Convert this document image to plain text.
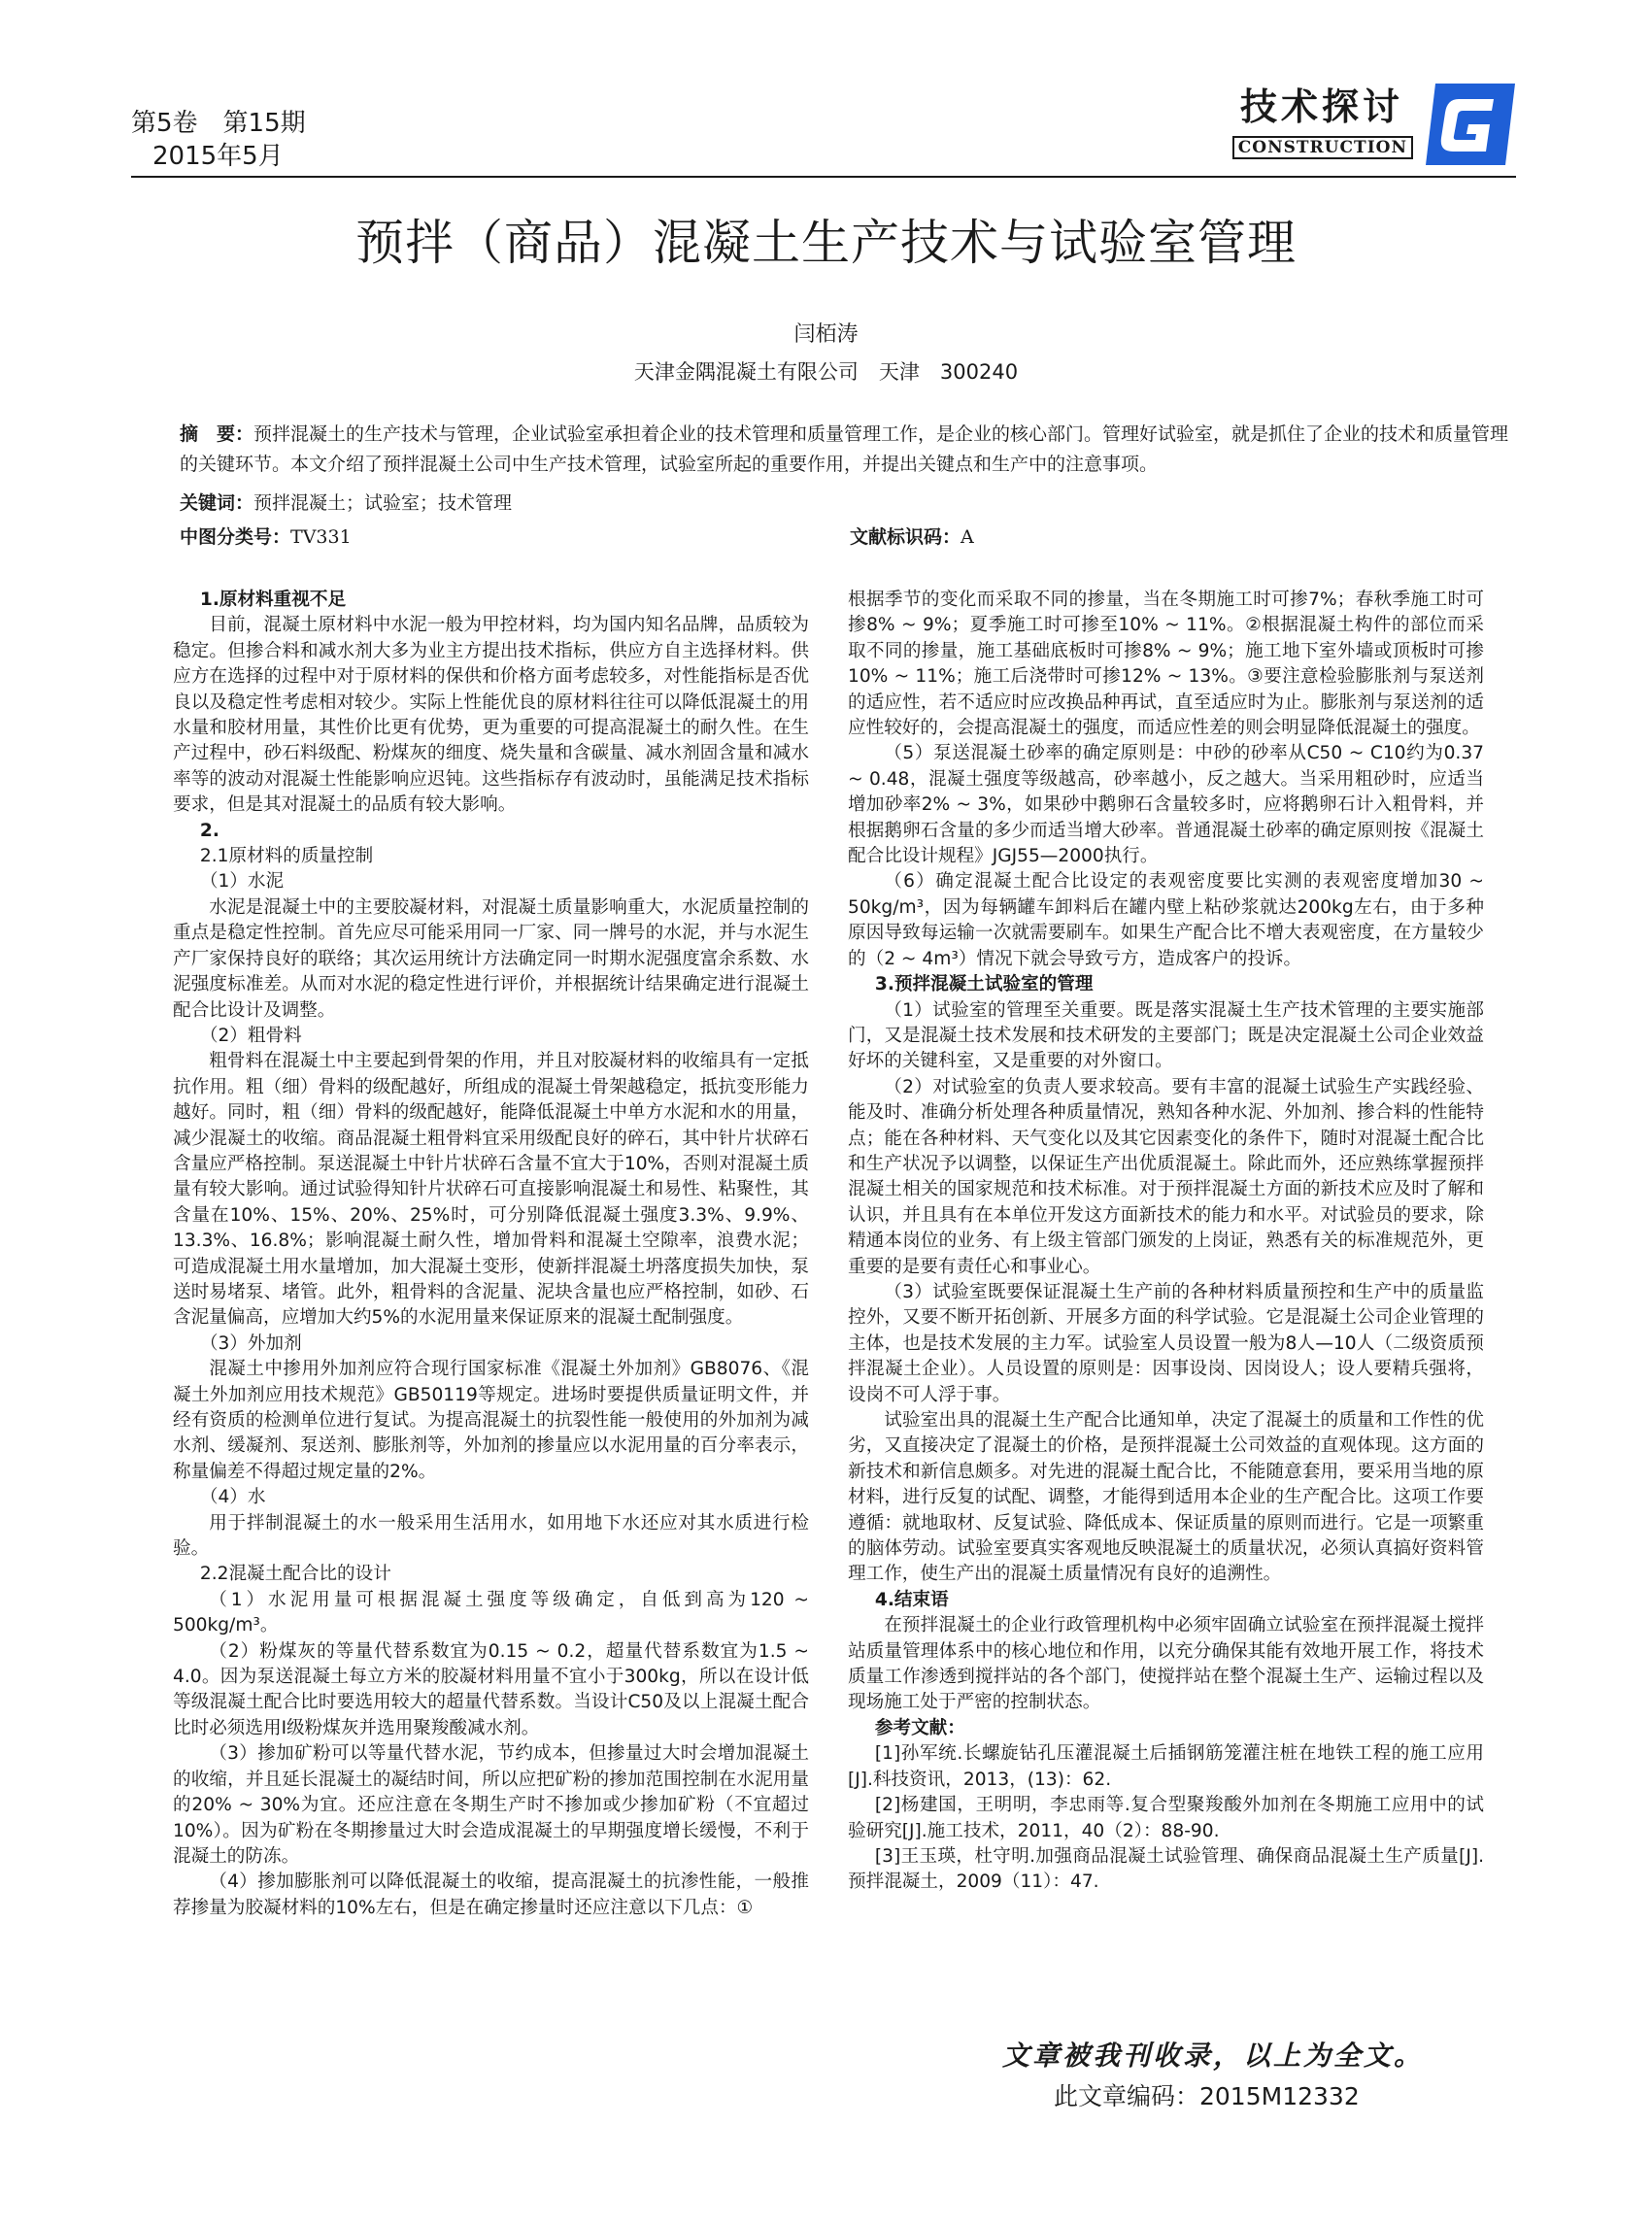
第5卷　第15期
2015年5月
技术探讨
CONSTRUCTION
预拌（商品）混凝土生产技术与试验室管理
闫栢涛
天津金隅混凝土有限公司　天津　300240
摘　要：预拌混凝土的生产技术与管理，企业试验室承担着企业的技术管理和质量管理工作，是企业的核心部门。管理好试验室，就是抓住了企业的技术和质量管理的关键环节。本文介绍了预拌混凝土公司中生产技术管理，试验室所起的重要作用，并提出关键点和生产中的注意事项。
关键词：预拌混凝土；试验室；技术管理
中图分类号：TV331	文献标识码：A

1.原材料重视不足

目前，混凝土原材料中水泥一般为甲控材料，均为国内知名品牌，品质较为稳定。但掺合料和减水剂大多为业主方提出技术指标，供应方自主选择材料。供应方在选择的过程中对于原材料的保供和价格方面考虑较多，对性能指标是否优良以及稳定性考虑相对较少。实际上性能优良的原材料往往可以降低混凝土的用水量和胶材用量，其性价比更有优势，更为重要的可提高混凝土的耐久性。在生产过程中，砂石料级配、粉煤灰的细度、烧失量和含碳量、减水剂固含量和减水率等的波动对混凝土性能影响应迟钝。这些指标存有波动时，虽能满足技术指标要求，但是其对混凝土的品质有较大影响。

2.

2.1原材料的质量控制

（1）水泥

水泥是混凝土中的主要胶凝材料，对混凝土质量影响重大，水泥质量控制的重点是稳定性控制。首先应尽可能采用同一厂家、同一牌号的水泥，并与水泥生产厂家保持良好的联络；其次运用统计方法确定同一时期水泥强度富余系数、水泥强度标准差。从而对水泥的稳定性进行评价，并根据统计结果确定进行混凝土配合比设计及调整。

（2）粗骨料

粗骨料在混凝土中主要起到骨架的作用，并且对胶凝材料的收缩具有一定抵抗作用。粗（细）骨料的级配越好，所组成的混凝土骨架越稳定，抵抗变形能力越好。同时，粗（细）骨料的级配越好，能降低混凝土中单方水泥和水的用量，减少混凝土的收缩。商品混凝土粗骨料宜采用级配良好的碎石，其中针片状碎石含量应严格控制。泵送混凝土中针片状碎石含量不宜大于10%，否则对混凝土质量有较大影响。通过试验得知针片状碎石可直接影响混凝土和易性、粘聚性，其含量在10%、15%、20%、25%时，可分别降低混凝土强度3.3%、9.9%、13.3%、16.8%；影响混凝土耐久性，增加骨料和混凝土空隙率，浪费水泥；可造成混凝土用水量增加，加大混凝土变形，使新拌混凝土坍落度损失加快，泵送时易堵泵、堵管。此外，粗骨料的含泥量、泥块含量也应严格控制，如砂、石含泥量偏高，应增加大约5%的水泥用量来保证原来的混凝土配制强度。

（3）外加剂

混凝土中掺用外加剂应符合现行国家标准《混凝土外加剂》GB8076、《混凝土外加剂应用技术规范》GB50119等规定。进场时要提供质量证明文件，并经有资质的检测单位进行复试。为提高混凝土的抗裂性能一般使用的外加剂为减水剂、缓凝剂、泵送剂、膨胀剂等，外加剂的掺量应以水泥用量的百分率表示，称量偏差不得超过规定量的2%。

（4）水

用于拌制混凝土的水一般采用生活用水，如用地下水还应对其水质进行检验。

2.2混凝土配合比的设计

（1）水泥用量可根据混凝土强度等级确定，自低到高为120 ~ 500kg/m³。

（2）粉煤灰的等量代替系数宜为0.15 ~ 0.2，超量代替系数宜为1.5 ~ 4.0。因为泵送混凝土每立方米的胶凝材料用量不宜小于300kg，所以在设计低等级混凝土配合比时要选用较大的超量代替系数。当设计C50及以上混凝土配合比时必须选用Ⅰ级粉煤灰并选用聚羧酸减水剂。

（3）掺加矿粉可以等量代替水泥，节约成本，但掺量过大时会增加混凝土的收缩，并且延长混凝土的凝结时间，所以应把矿粉的掺加范围控制在水泥用量的20% ~ 30%为宜。还应注意在冬期生产时不掺加或少掺加矿粉（不宜超过10%）。因为矿粉在冬期掺量过大时会造成混凝土的早期强度增长缓慢，不利于混凝土的防冻。

（4）掺加膨胀剂可以降低混凝土的收缩，提高混凝土的抗渗性能，一般推荐掺量为胶凝材料的10%左右，但是在确定掺量时还应注意以下几点：①

根据季节的变化而采取不同的掺量，当在冬期施工时可掺7%；春秋季施工时可掺8% ~ 9%；夏季施工时可掺至10% ~ 11%。②根据混凝土构件的部位而采取不同的掺量，施工基础底板时可掺8% ~ 9%；施工地下室外墙或顶板时可掺10% ~ 11%；施工后浇带时可掺12% ~ 13%。③要注意检验膨胀剂与泵送剂的适应性，若不适应时应改换品种再试，直至适应时为止。膨胀剂与泵送剂的适应性较好的，会提高混凝土的强度，而适应性差的则会明显降低混凝土的强度。

（5）泵送混凝土砂率的确定原则是：中砂的砂率从C50 ~ C10约为0.37 ~ 0.48，混凝土强度等级越高，砂率越小，反之越大。当采用粗砂时，应适当增加砂率2% ~ 3%，如果砂中鹅卵石含量较多时，应将鹅卵石计入粗骨料，并根据鹅卵石含量的多少而适当增大砂率。普通混凝土砂率的确定原则按《混凝土配合比设计规程》JGJ55—2000执行。

（6）确定混凝土配合比设定的表观密度要比实测的表观密度增加30 ~ 50kg/m³，因为每辆罐车卸料后在罐内壁上粘砂浆就达200kg左右，由于多种原因导致每运输一次就需要刷车。如果生产配合比不增大表观密度，在方量较少的（2 ~ 4m³）情况下就会导致亏方，造成客户的投诉。

3.预拌混凝土试验室的管理

（1）试验室的管理至关重要。既是落实混凝土生产技术管理的主要实施部门，又是混凝土技术发展和技术研发的主要部门；既是决定混凝土公司企业效益好坏的关键科室，又是重要的对外窗口。

（2）对试验室的负责人要求较高。要有丰富的混凝土试验生产实践经验、能及时、准确分析处理各种质量情况，熟知各种水泥、外加剂、掺合料的性能特点；能在各种材料、天气变化以及其它因素变化的条件下，随时对混凝土配合比和生产状况予以调整，以保证生产出优质混凝土。除此而外，还应熟练掌握预拌混凝土相关的国家规范和技术标准。对于预拌混凝土方面的新技术应及时了解和认识，并且具有在本单位开发这方面新技术的能力和水平。对试验员的要求，除精通本岗位的业务、有上级主管部门颁发的上岗证，熟悉有关的标准规范外，更重要的是要有责任心和事业心。

（3）试验室既要保证混凝土生产前的各种材料质量预控和生产中的质量监控外，又要不断开拓创新、开展多方面的科学试验。它是混凝土公司企业管理的主体，也是技术发展的主力军。试验室人员设置一般为8人—10人（二级资质预拌混凝土企业）。人员设置的原则是：因事设岗、因岗设人；设人要精兵强将，设岗不可人浮于事。

试验室出具的混凝土生产配合比通知单，决定了混凝土的质量和工作性的优劣，又直接决定了混凝土的价格，是预拌混凝土公司效益的直观体现。这方面的新技术和新信息颇多。对先进的混凝土配合比，不能随意套用，要采用当地的原材料，进行反复的试配、调整，才能得到适用本企业的生产配合比。这项工作要遵循：就地取材、反复试验、降低成本、保证质量的原则而进行。它是一项繁重的脑体劳动。试验室要真实客观地反映混凝土的质量状况，必须认真搞好资料管理工作，使生产出的混凝土质量情况有良好的追溯性。

4.结束语

在预拌混凝土的企业行政管理机构中必须牢固确立试验室在预拌混凝土搅拌站质量管理体系中的核心地位和作用，以充分确保其能有效地开展工作，将技术质量工作渗透到搅拌站的各个部门，使搅拌站在整个混凝土生产、运输过程以及现场施工处于严密的控制状态。

参考文献：

[1]孙军统.长螺旋钻孔压灌混凝土后插钢筋笼灌注桩在地铁工程的施工应用[J].科技资讯，2013，(13)：62.

[2]杨建国，王明明，李忠雨等.复合型聚羧酸外加剂在冬期施工应用中的试验研究[J].施工技术，2011，40（2）：88-90.

[3]王玉瑛，杜守明.加强商品混凝土试验管理、确保商品混凝土生产质量[J].预拌混凝土，2009（11）：47.

文章被我刊收录，以上为全文。
此文章编码：2015M12332
